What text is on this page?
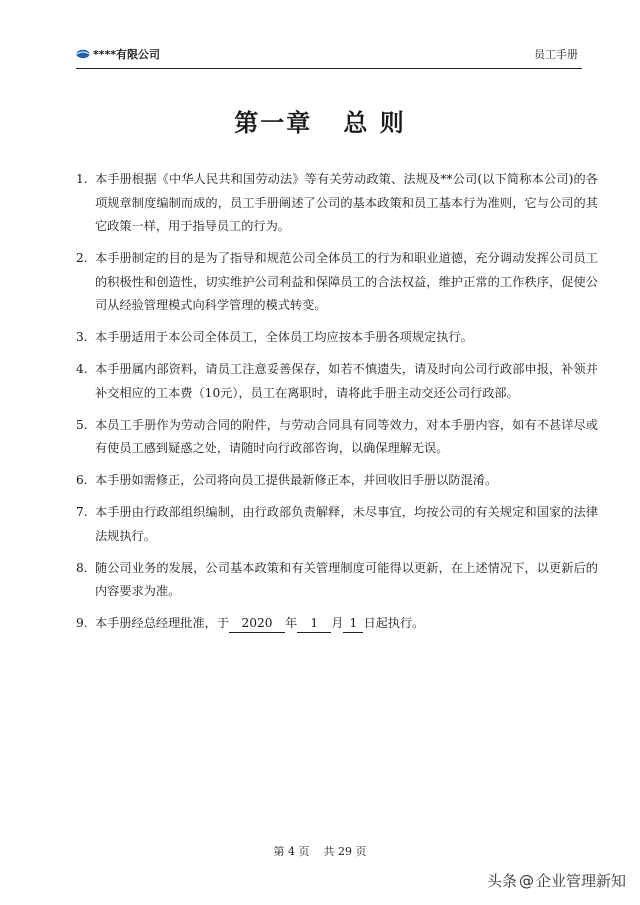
****有限公司	员工手册
第一章   总 则
1. 本手册根据《中华人民共和国劳动法》等有关劳动政策、法规及**公司(以下简称本公司)的各项规章制度编制而成的，员工手册阐述了公司的基本政策和员工基本行为准则，它与公司的其它政策一样，用于指导员工的行为。
2. 本手册制定的目的是为了指导和规范公司全体员工的行为和职业道德，充分调动发挥公司员工的积极性和创造性，切实维护公司利益和保障员工的合法权益，维护正常的工作秩序，促使公司从经验管理模式向科学管理的模式转变。
3. 本手册适用于本公司全体员工，全体员工均应按本手册各项规定执行。
4. 本手册属内部资料，请员工注意妥善保存，如若不慎遗失，请及时向公司行政部申报，补领并补交相应的工本费（10元），员工在离职时，请将此手册主动交还公司行政部。
5. 本员工手册作为劳动合同的附件，与劳动合同具有同等效力，对本手册内容，如有不甚详尽或有使员工感到疑惑之处，请随时向行政部咨询，以确保理解无误。
6. 本手册如需修正，公司将向员工提供最新修正本，并回收旧手册以防混淆。
7. 本手册由行政部组织编制，由行政部负责解释，未尽事宜，均按公司的有关规定和国家的法律法规执行。
8. 随公司业务的发展，公司基本政策和有关管理制度可能得以更新，在上述情况下，以更新后的内容要求为准。
9. 本手册经总经理批准，于 2020 年 1 月 1 日起执行。
第 4 页    共 29 页
头条 @ 企业管理新知
